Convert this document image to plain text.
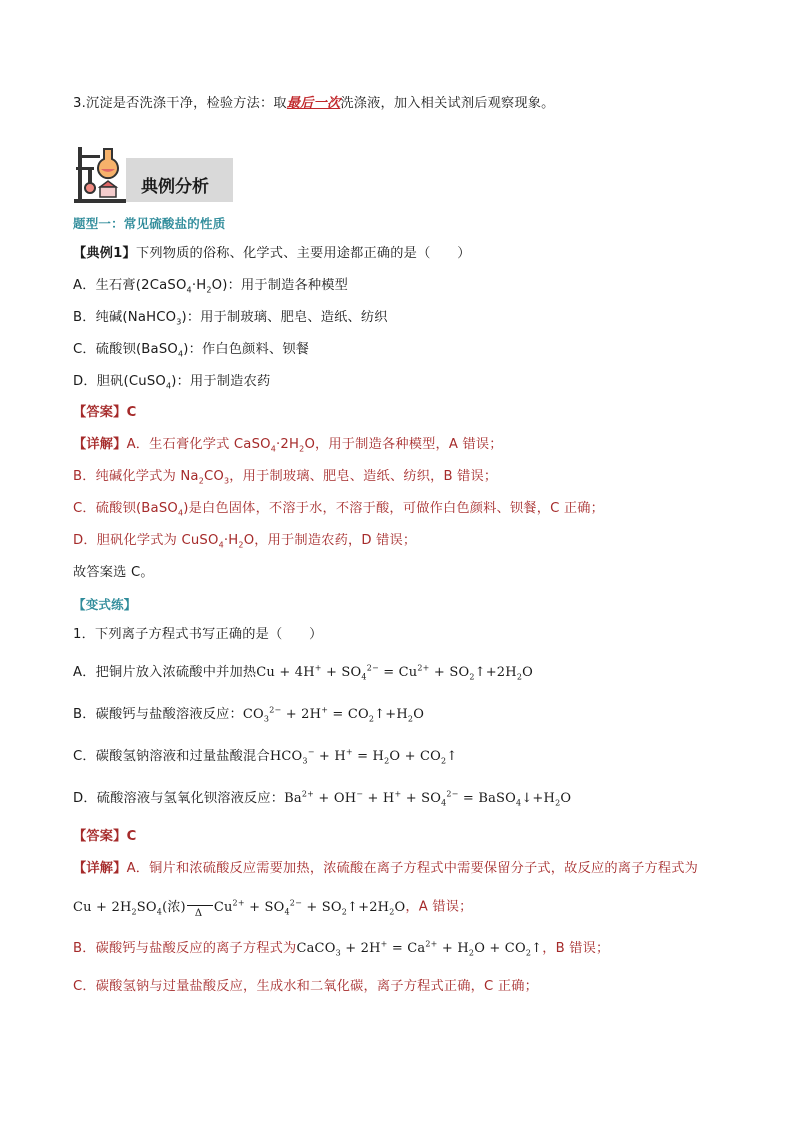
3.沉淀是否洗涤干净，检验方法：取最后一次洗涤液，加入相关试剂后观察现象。
典例分析
题型一：常见硫酸盐的性质
【典例1】下列物质的俗称、化学式、主要用途都正确的是（　　）
A．生石膏$(2CaSO_4\cdot H_2O)$：用于制造各种模型
B．纯碱(NaHCO$_3$)：用于制玻璃、肥皂、造纸、纺织
C．硫酸钡(BaSO$_4$)：作白色颜料、钡餐
D．胆矾(CuSO$_4$)：用于制造农药
【答案】C
【详解】A．生石膏化学式 $CaSO_4\cdot 2H_2O$，用于制造各种模型，A 错误；
B．纯碱化学式为 $Na_2CO_3$，用于制玻璃、肥皂、造纸、纺织，B 错误；
C．硫酸钡(BaSO$_4$)是白色固体，不溶于水，不溶于酸，可做作白色颜料、钡餐，C 正确；
D．胆矾化学式为 $CuSO_4\cdot H_2O$，用于制造农药，D 错误；
故答案选 C。
【变式练】
1．下列离子方程式书写正确的是（　　）
A．把铜片放入浓硫酸中并加热$Cu + 4H^+ + SO_4^{2-} = Cu^{2+}$ + $SO_2↑+2H_2O$
B．碳酸钙与盐酸溶液反应：$CO_3^{2-} + 2H^+$ = $CO_2↑+H_2O$
C．碳酸氢钠溶液和过量盐酸混合$HCO_3^- + H^+ = H_2O$ + $CO_2↑$
D．硫酸溶液与氢氧化钡溶液反应：$Ba^{2+} + OH^- + H^+ + SO_4^{2-}$ = $BaSO_4↓+H_2O$
【答案】C
【详解】A．铜片和浓硫酸反应需要加热，浓硫酸在离子方程式中需要保留分子式，故反应的离子方程式为
$Cu + 2H_2SO_4$(浓) Δ $Cu^{2+} + SO_4^{2-}$ + $SO_2↑+2H_2O$，A 错误；
B．碳酸钙与盐酸反应的离子方程式为CaCO$_3$ + $2H^+ = Ca^{2+} + H_2O$ + $CO_2↑$，B 错误；
C．碳酸氢钠与过量盐酸反应，生成水和二氧化碳，离子方程式正确，C 正确；
